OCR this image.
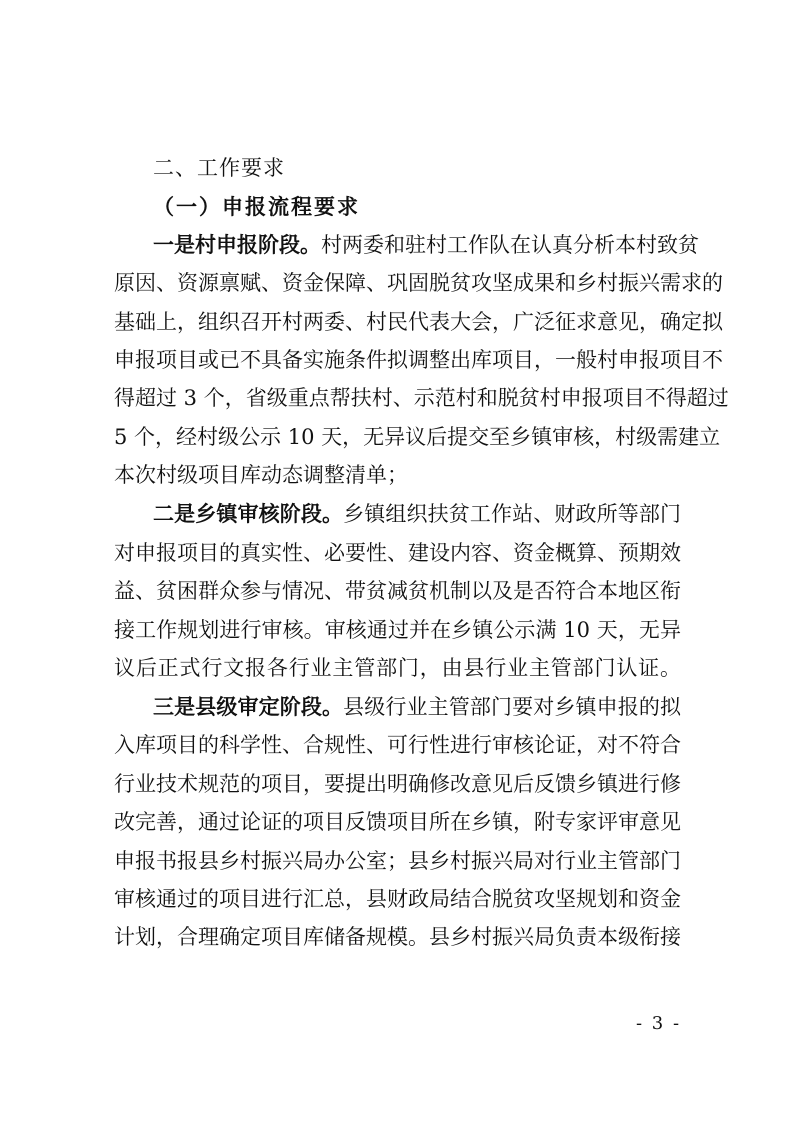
二、工作要求
（一）申报流程要求
一是村申报阶段。村两委和驻村工作队在认真分析本村致贫
原因、资源禀赋、资金保障、巩固脱贫攻坚成果和乡村振兴需求的
基础上，组织召开村两委、村民代表大会，广泛征求意见，确定拟
申报项目或已不具备实施条件拟调整出库项目，一般村申报项目不
得超过 3 个，省级重点帮扶村、示范村和脱贫村申报项目不得超过
5 个，经村级公示 10 天，无异议后提交至乡镇审核，村级需建立
本次村级项目库动态调整清单；
二是乡镇审核阶段。乡镇组织扶贫工作站、财政所等部门
对申报项目的真实性、必要性、建设内容、资金概算、预期效
益、贫困群众参与情况、带贫减贫机制以及是否符合本地区衔
接工作规划进行审核。审核通过并在乡镇公示满 10 天，无异
议后正式行文报各行业主管部门，由县行业主管部门认证。
三是县级审定阶段。县级行业主管部门要对乡镇申报的拟
入库项目的科学性、合规性、可行性进行审核论证，对不符合
行业技术规范的项目，要提出明确修改意见后反馈乡镇进行修
改完善，通过论证的项目反馈项目所在乡镇，附专家评审意见
申报书报县乡村振兴局办公室；县乡村振兴局对行业主管部门
审核通过的项目进行汇总，县财政局结合脱贫攻坚规划和资金
计划，合理确定项目库储备规模。县乡村振兴局负责本级衔接
- 3 -
